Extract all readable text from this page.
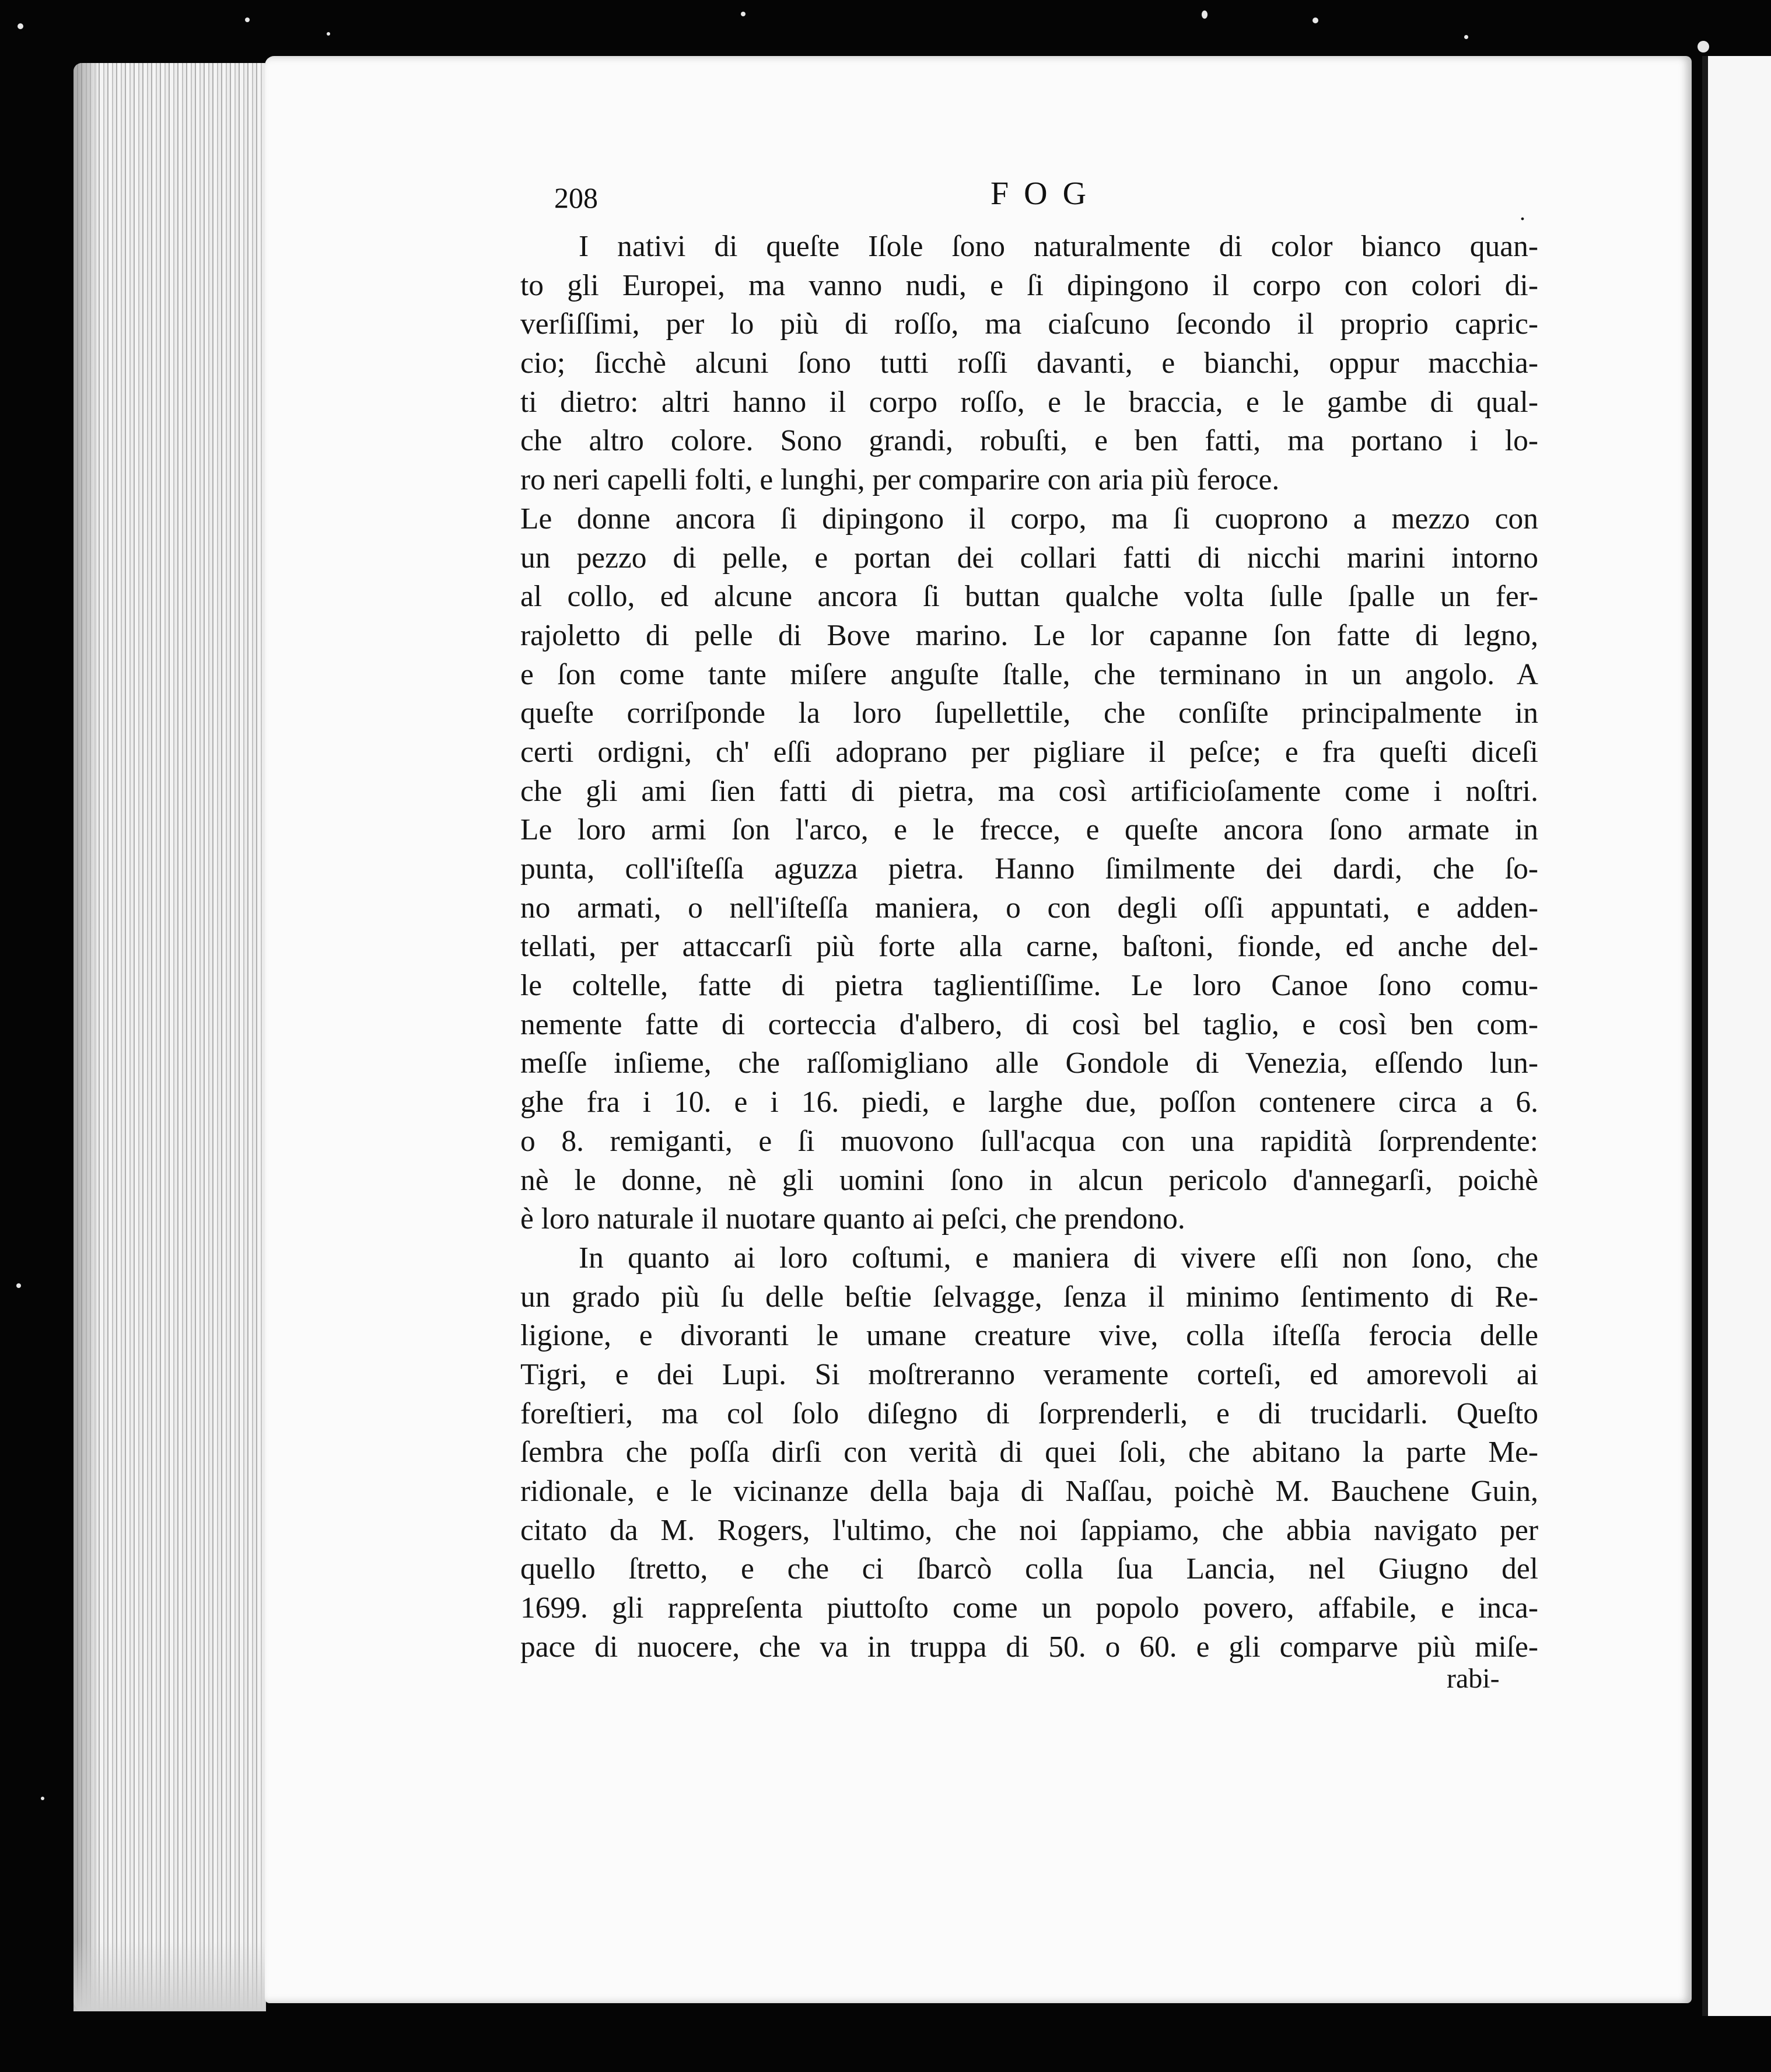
208	FOG
.
I nativi di queſte Iſole ſono naturalmente di color bianco quan-
to gli Europei, ma vanno nudi, e ſi dipingono il corpo con colori di-
verſiſſimi, per lo più di roſſo, ma ciaſcuno ſecondo il proprio capric-
cio; ſicchè alcuni ſono tutti roſſi davanti, e bianchi, oppur macchia-
ti dietro: altri hanno il corpo roſſo, e le braccia, e le gambe di qual-
che altro colore. Sono grandi, robuſti, e ben fatti, ma portano i lo-
ro neri capelli folti, e lunghi, per comparire con aria più feroce.
Le donne ancora ſi dipingono il corpo, ma ſi cuoprono a mezzo con
un pezzo di pelle, e portan dei collari fatti di nicchi marini intorno
al collo, ed alcune ancora ſi buttan qualche volta ſulle ſpalle un fer-
rajoletto di pelle di Bove marino. Le lor capanne ſon fatte di legno,
e ſon come tante miſere anguſte ſtalle, che terminano in un angolo. A
queſte corriſponde la loro ſupellettile, che conſiſte principalmente in
certi ordigni, ch' eſſi adoprano per pigliare il peſce; e fra queſti diceſi
che gli ami ſien fatti di pietra, ma così artificioſamente come i noſtri.
Le loro armi ſon l'arco, e le frecce, e queſte ancora ſono armate in
punta, coll'iſteſſa aguzza pietra. Hanno ſimilmente dei dardi, che ſo-
no armati, o nell'iſteſſa maniera, o con degli oſſi appuntati, e adden-
tellati, per attaccarſi più forte alla carne, baſtoni, fionde, ed anche del-
le coltelle, fatte di pietra taglientiſſime. Le loro Canoe ſono comu-
nemente fatte di corteccia d'albero, di così bel taglio, e così ben com-
meſſe inſieme, che raſſomigliano alle Gondole di Venezia, eſſendo lun-
ghe fra i 10. e i 16. piedi, e larghe due, poſſon contenere circa a 6.
o 8. remiganti, e ſi muovono ſull'acqua con una rapidità ſorprendente:
nè le donne, nè gli uomini ſono in alcun pericolo d'annegarſi, poichè
è loro naturale il nuotare quanto ai peſci, che prendono.
In quanto ai loro coſtumi, e maniera di vivere eſſi non ſono, che
un grado più ſu delle beſtie ſelvagge, ſenza il minimo ſentimento di Re-
ligione, e divoranti le umane creature vive, colla iſteſſa ferocia delle
Tigri, e dei Lupi. Si moſtreranno veramente corteſi, ed amorevoli ai
foreſtieri, ma col ſolo diſegno di ſorprenderli, e di trucidarli. Queſto
ſembra che poſſa dirſi con verità di quei ſoli, che abitano la parte Me-
ridionale, e le vicinanze della baja di Naſſau, poichè M. Bauchene Guin,
citato da M. Rogers, l'ultimo, che noi ſappiamo, che abbia navigato per
quello ſtretto, e che ci ſbarcò colla ſua Lancia, nel Giugno del
1699. gli rappreſenta piuttoſto come un popolo povero, affabile, e inca-
pace di nuocere, che va in truppa di 50. o 60. e gli comparve più miſe-
rabi-
